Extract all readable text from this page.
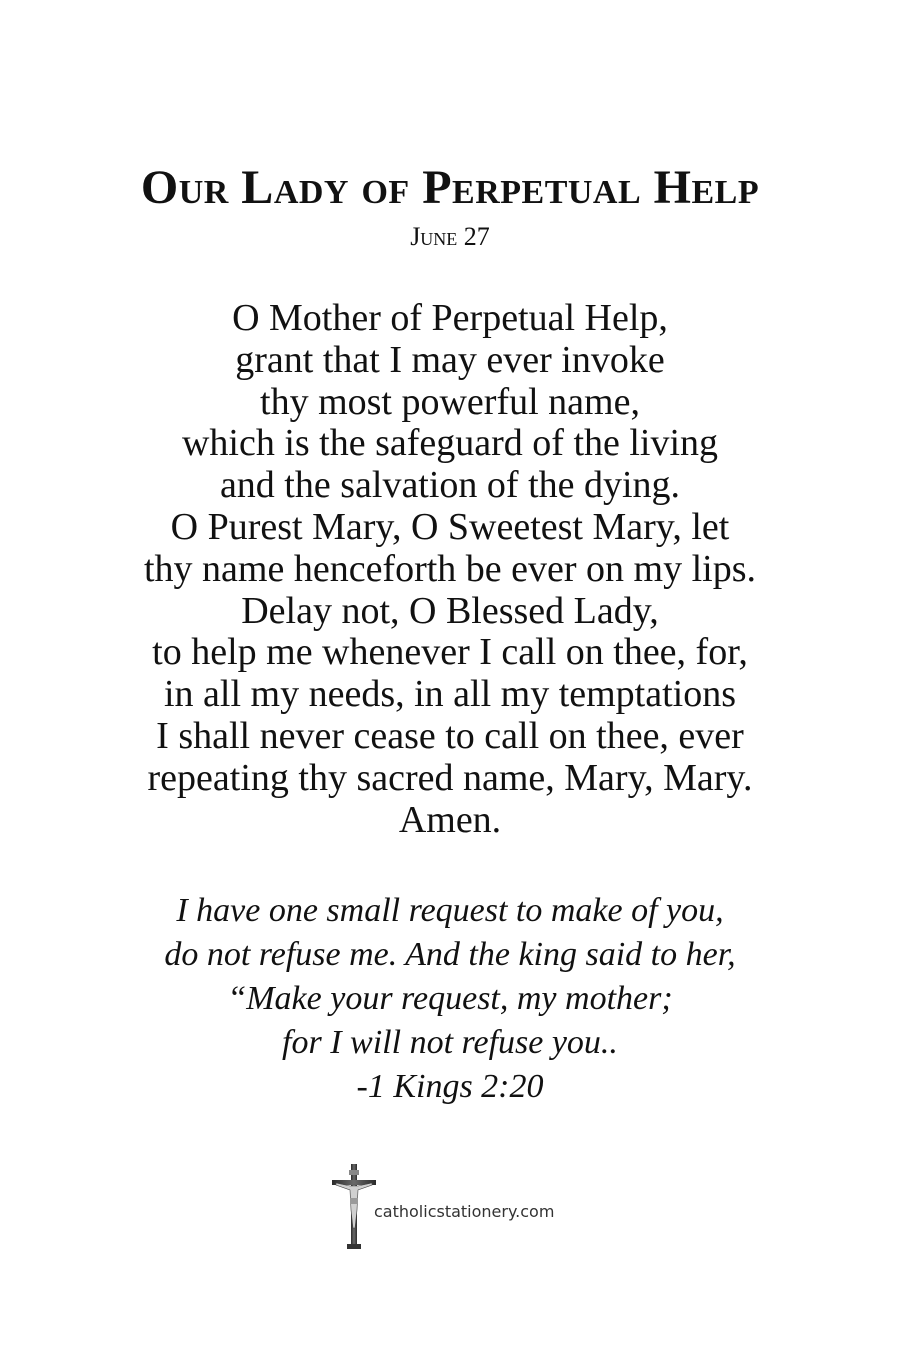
Our Lady of Perpetual Help

June 27

O Mother of Perpetual Help,
grant that I may ever invoke
thy most powerful name,
which is the safeguard of the living
and the salvation of the dying.
O Purest Mary, O Sweetest Mary, let
thy name henceforth be ever on my lips.
Delay not, O Blessed Lady,
to help me whenever I call on thee, for,
in all my needs, in all my temptations
I shall never cease to call on thee, ever
repeating thy sacred name, Mary, Mary.
Amen.
I have one small request to make of you,
do not refuse me. And the king said to her,
“Make your request, my mother;
for I will not refuse you..
-1 Kings 2:20
catholicstationery.com
